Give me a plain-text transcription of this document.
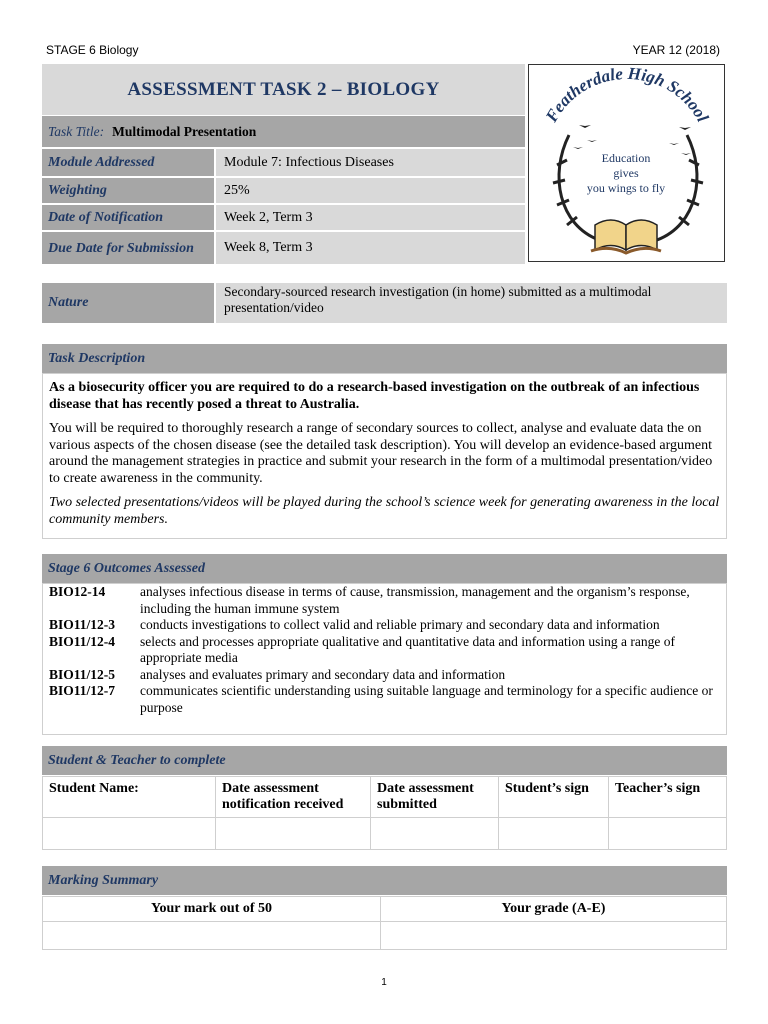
STAGE 6 Biology	YEAR 12 (2018)
ASSESSMENT TASK 2 – BIOLOGY
Task Title: Multimodal Presentation
Module Addressed	Module 7: Infectious Diseases
Weighting	25%
Date of Notification	Week 2, Term 3
Due Date for Submission	Week 8, Term 3
Featherdale High School
Education
gives
you wings to fly
Nature
Secondary-sourced research investigation (in home) submitted as a multimodal presentation/video
Task Description

As a biosecurity officer you are required to do a research-based investigation on the outbreak of an infectious disease that has recently posed a threat to Australia.

You will be required to thoroughly research a range of secondary sources to collect, analyse and evaluate data the on various aspects of the chosen disease (see the detailed task description). You will develop an evidence-based argument around the management strategies in practice and submit your research in the form of a multimodal presentation/video to create awareness in the community.

Two selected presentations/videos will be played during the school’s science week for generating awareness in the local community members.

Stage 6 Outcomes Assessed
BIO12-14	analyses infectious disease in terms of cause, transmission, management and the organism’s response, including the human immune system
BIO11/12-3	conducts investigations to collect valid and reliable primary and secondary data and information
BIO11/12-4	selects and processes appropriate qualitative and quantitative data and information using a range of appropriate media
BIO11/12-5	analyses and evaluates primary and secondary data and information
BIO11/12-7	communicates scientific understanding using suitable language and terminology for a specific audience or purpose
Student & Teacher to complete
Student Name:	Date assessment notification received	Date assessment submitted	Student’s sign	Teacher’s sign

Marking Summary
Your mark out of 50	Your grade (A-E)

1
